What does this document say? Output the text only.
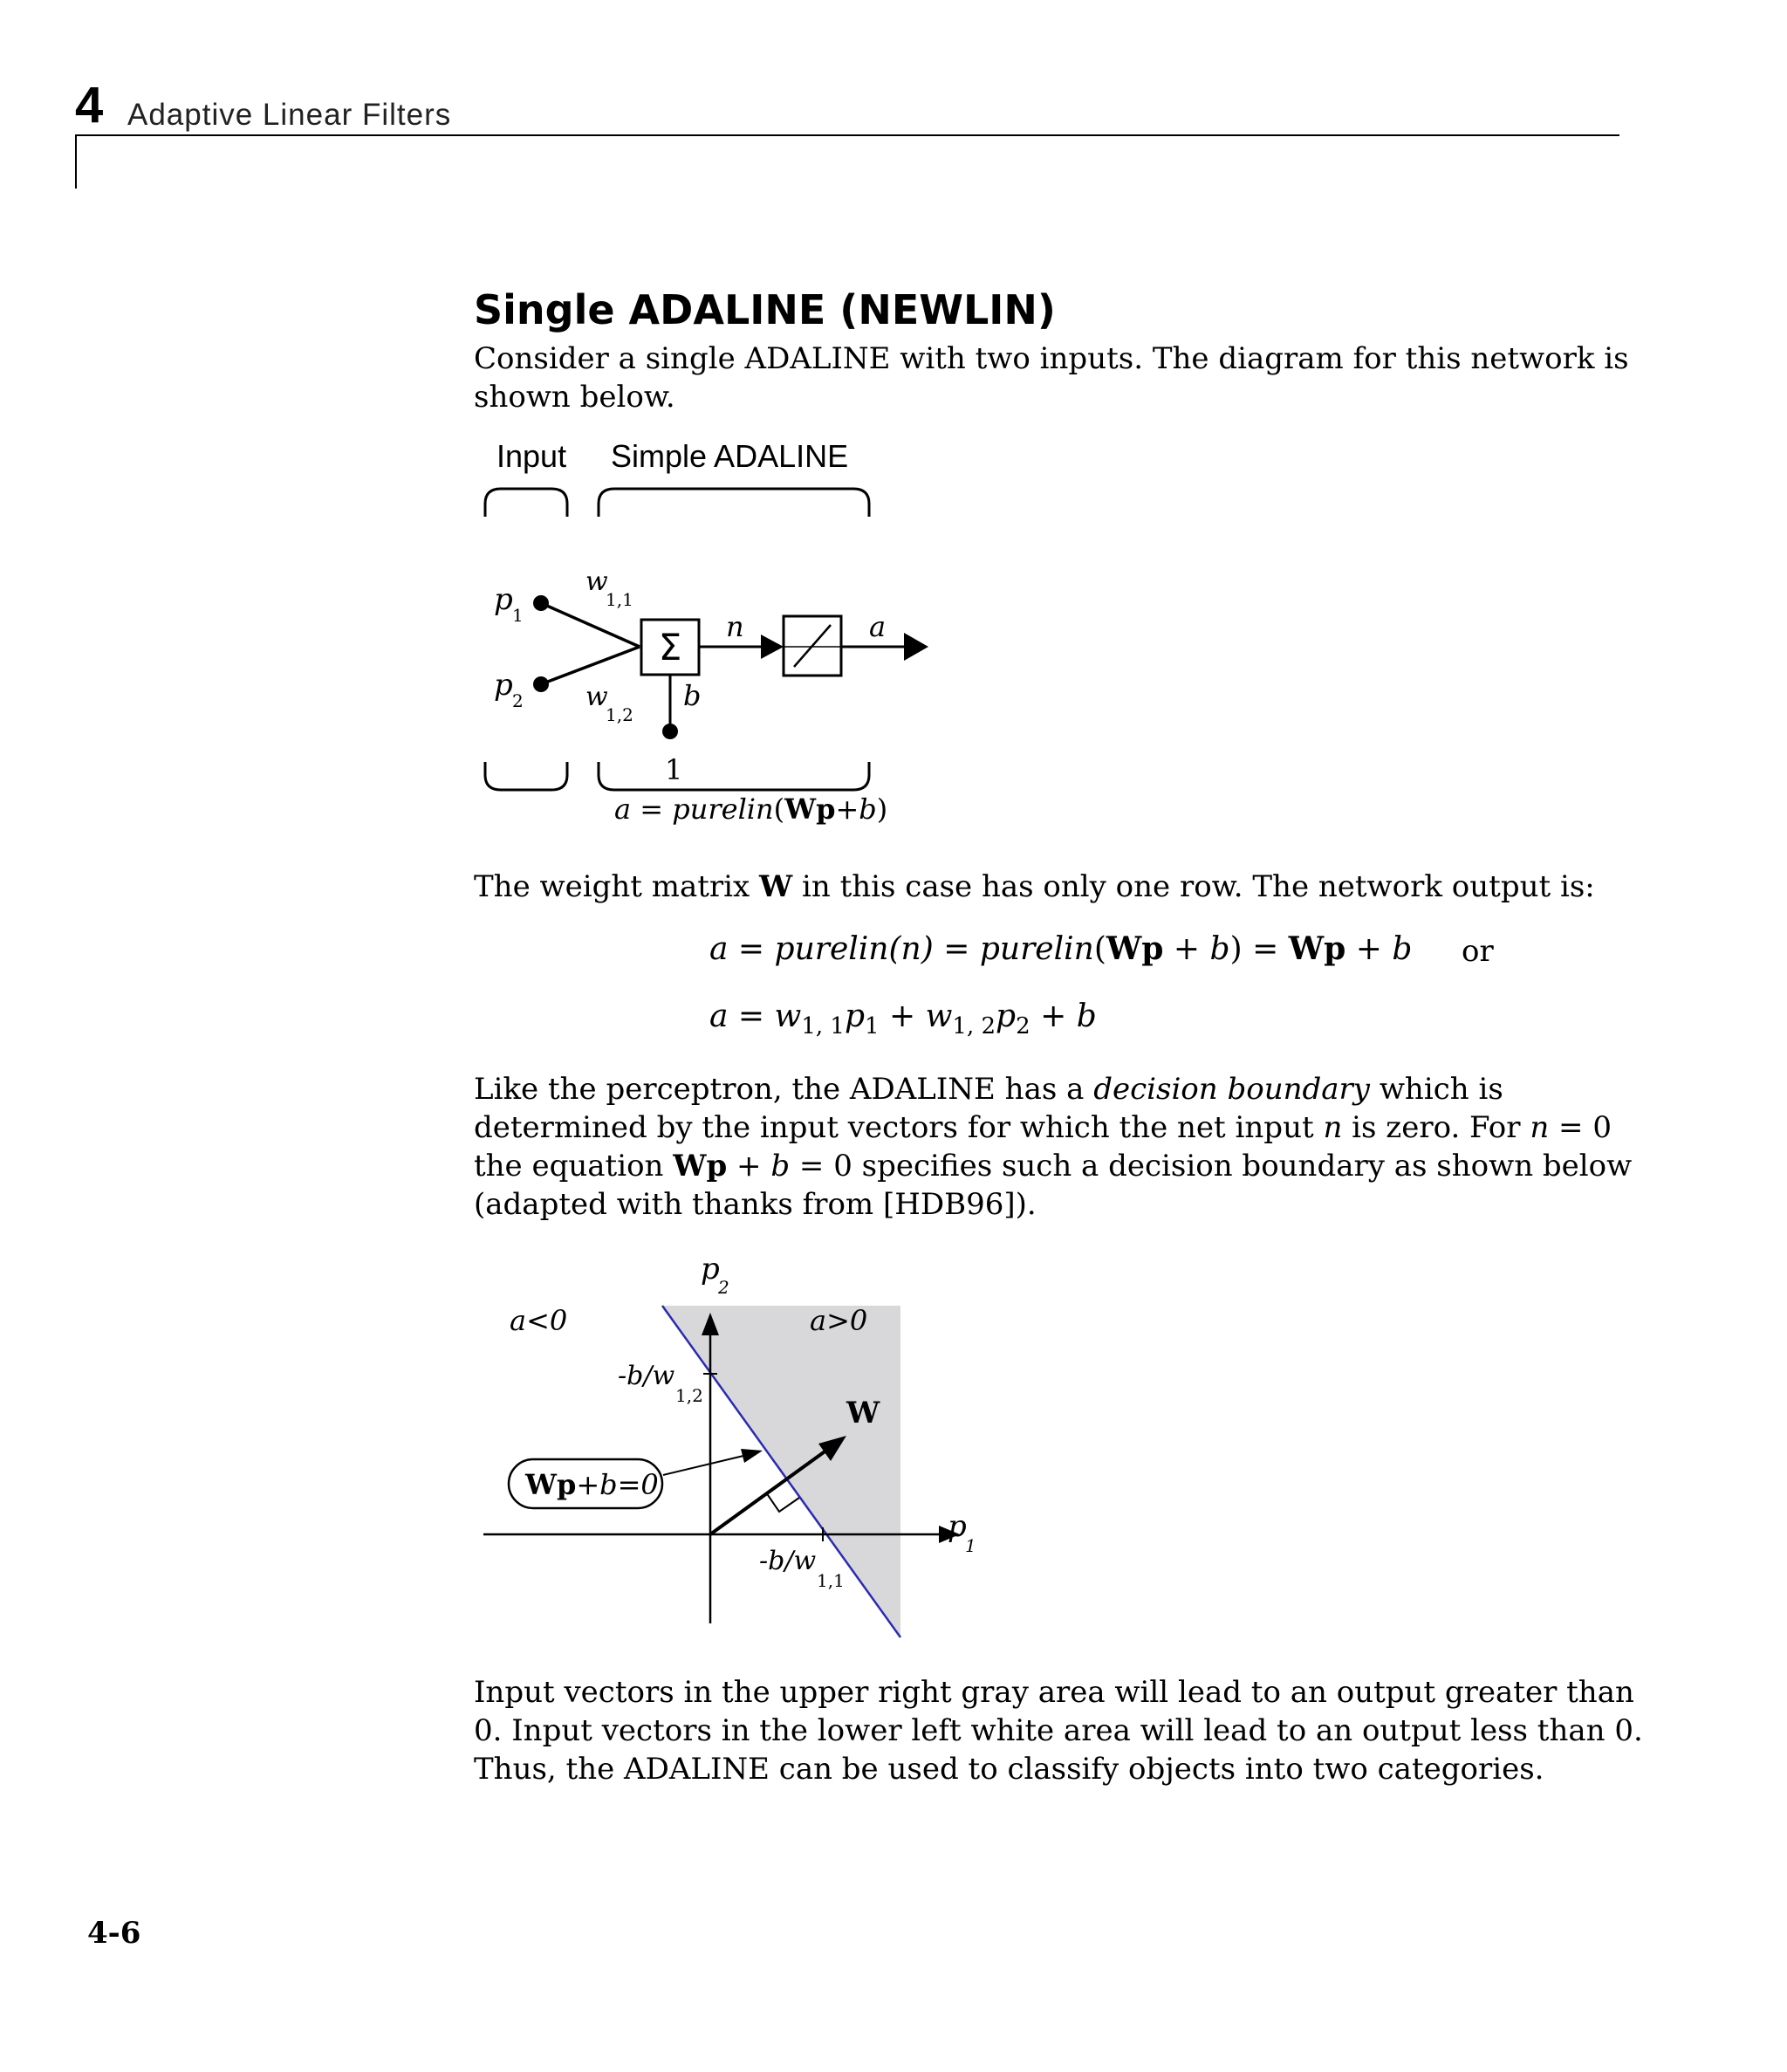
4 Adaptive Linear Filters
Single ADALINE (NEWLIN)

Consider a single ADALINE with two inputs. The diagram for this network is
shown below.

Input Simple ADALINE
p 1
p 2
w
1,1
w
1,2
Σ
b
1
n	a
a = purelin(Wp+b)
p
2
p
1
a<0	a>0
-b/w
1,2
-b/w
1,1
W
Wp+b=0

The weight matrix W in this case has only one row. The network output is:

a = purelin(n) = purelin(Wp + b) = Wp + b or
$a = w_{1, 1}p_1 + w_{1, 2}p_2 + b$

Like the perceptron, the ADALINE has a decision boundary which is
determined by the input vectors for which the net input n is zero. For n = 0
the equation Wp + b = 0 specifies such a decision boundary as shown below
(adapted with thanks from [HDB96]).

Input vectors in the upper right gray area will lead to an output greater than
0. Input vectors in the lower left white area will lead to an output less than 0.
Thus, the ADALINE can be used to classify objects into two categories.

4-6
